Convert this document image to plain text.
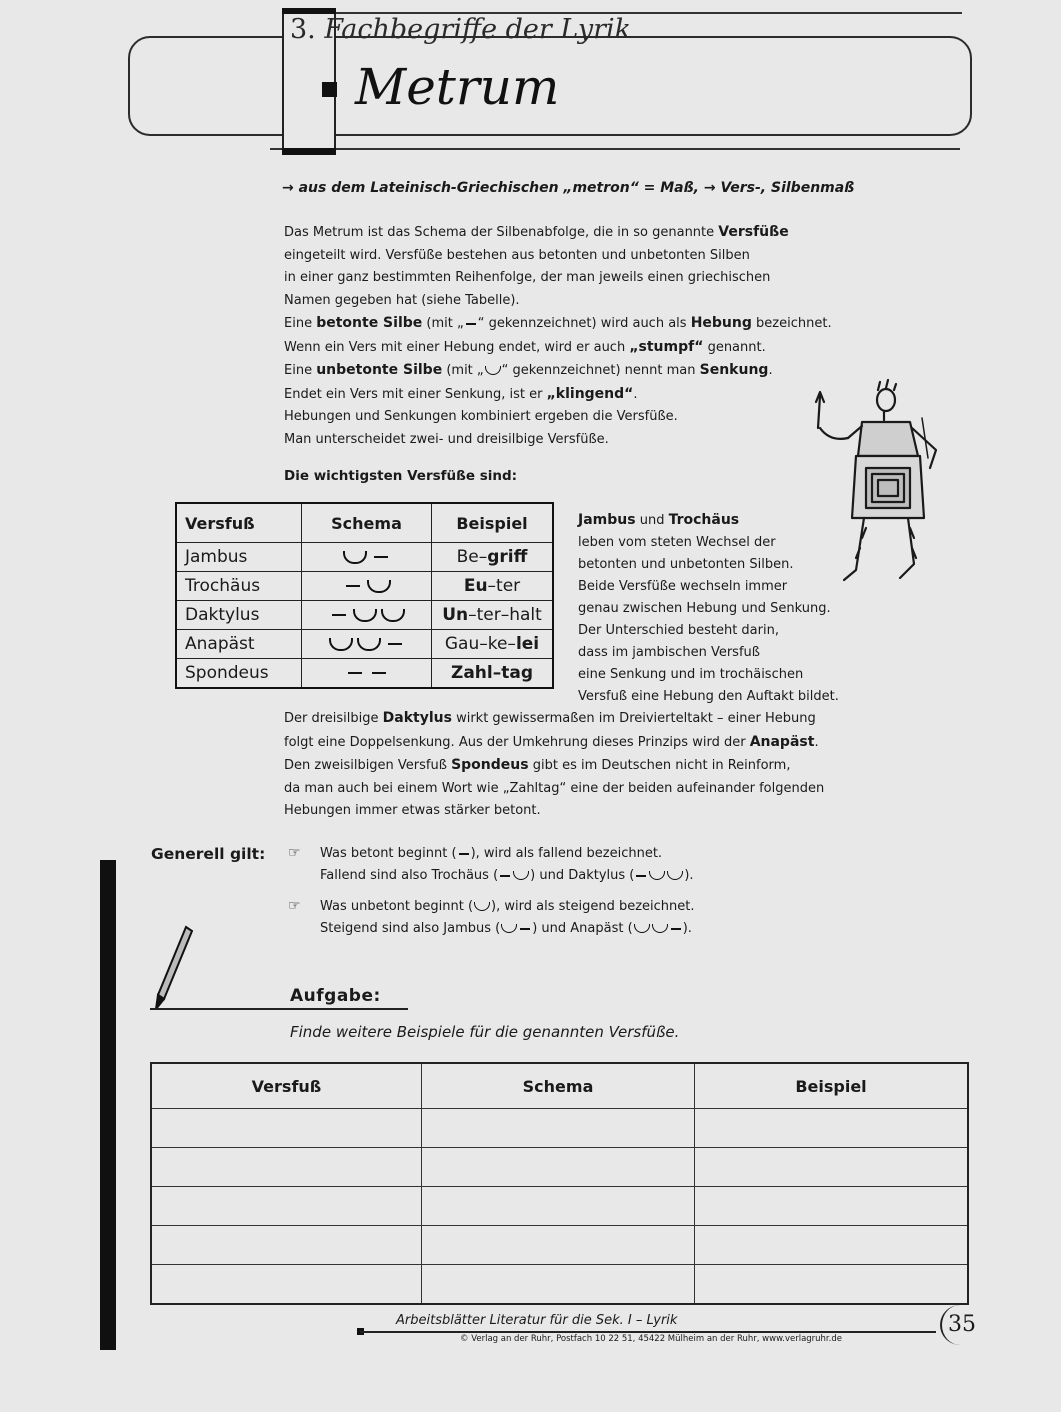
3. Fachbegriffe der Lyrik
Metrum
→ aus dem Lateinisch-Griechischen „metron“ = Maß, → Vers-, Silbenmaß
Das Metrum ist das Schema der Silbenabfolge, die in so genannte Versfüße
eingeteilt wird. Versfüße bestehen aus betonten und unbetonten Silben
in einer ganz bestimmten Reihenfolge, der man jeweils einen griechischen
Namen gegeben hat (siehe Tabelle).
Eine betonte Silbe (mit „ “ gekennzeichnet) wird auch als Hebung bezeichnet.
Wenn ein Vers mit einer Hebung endet, wird er auch „stumpf“ genannt.
Eine unbetonte Silbe (mit „ “ gekennzeichnet) nennt man Senkung.
Endet ein Vers mit einer Senkung, ist er „klingend“.
Hebungen und Senkungen kombiniert ergeben die Versfüße.
Man unterscheidet zwei- und dreisilbige Versfüße.
Die wichtigsten Versfüße sind:
Versfuß	Schema	Beispiel
Jambus		Be–griff
Trochäus		Eu–ter
Daktylus		Un–ter–halt
Anapäst		Gau–ke–lei
Spondeus		Zahl–tag
Jambus und Trochäus
leben vom steten Wechsel der
betonten und unbetonten Silben.
Beide Versfüße wechseln immer
genau zwischen Hebung und Senkung.
Der Unterschied besteht darin,
dass im jambischen Versfuß
eine Senkung und im trochäischen
Versfuß eine Hebung den Auftakt bildet.
Der dreisilbige Daktylus wirkt gewissermaßen im Dreivierteltakt – einer Hebung
folgt eine Doppelsenkung. Aus der Umkehrung dieses Prinzips wird der Anapäst.
Den zweisilbigen Versfuß Spondeus gibt es im Deutschen nicht in Reinform,
da man auch bei einem Wort wie „Zahltag“ eine der beiden aufeinander folgenden
Hebungen immer etwas stärker betont.
Generell gilt: ☞ Was betont beginnt ( ), wird als fallend bezeichnet.
Fallend sind also Trochäus ( ) und Daktylus (	).
☞ Was unbetont beginnt ( ), wird als steigend bezeichnet.
Steigend sind also Jambus ( ) und Anapäst (	).
Aufgabe:
Finde weitere Beispiele für die genannten Versfüße.
Versfuß	Schema	Beispiel

Arbeitsblätter Literatur für die Sek. I – Lyrik
© Verlag an der Ruhr, Postfach 10 22 51, 45422 Mülheim an der Ruhr, www.verlagruhr.de
35
